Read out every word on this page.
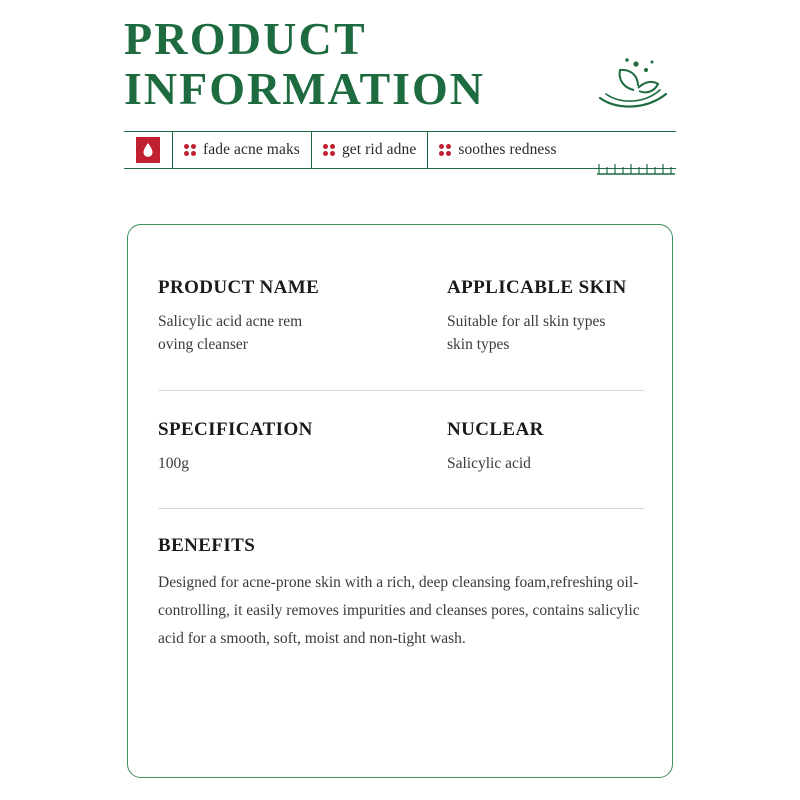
PRODUCT
INFORMATION
fade acne maks	get rid adne	soothes redness
PRODUCT NAME
Salicylic acid acne rem
oving cleanser
APPLICABLE SKIN
Suitable for all skin types
skin types
SPECIFICATION
100g
NUCLEAR
Salicylic acid
BENEFITS
Designed for acne-prone skin with a rich, deep cleansing foam,refreshing oil-controlling, it easily removes impurities and cleanses pores, contains salicylic acid for a smooth, soft, moist and non-tight wash.
